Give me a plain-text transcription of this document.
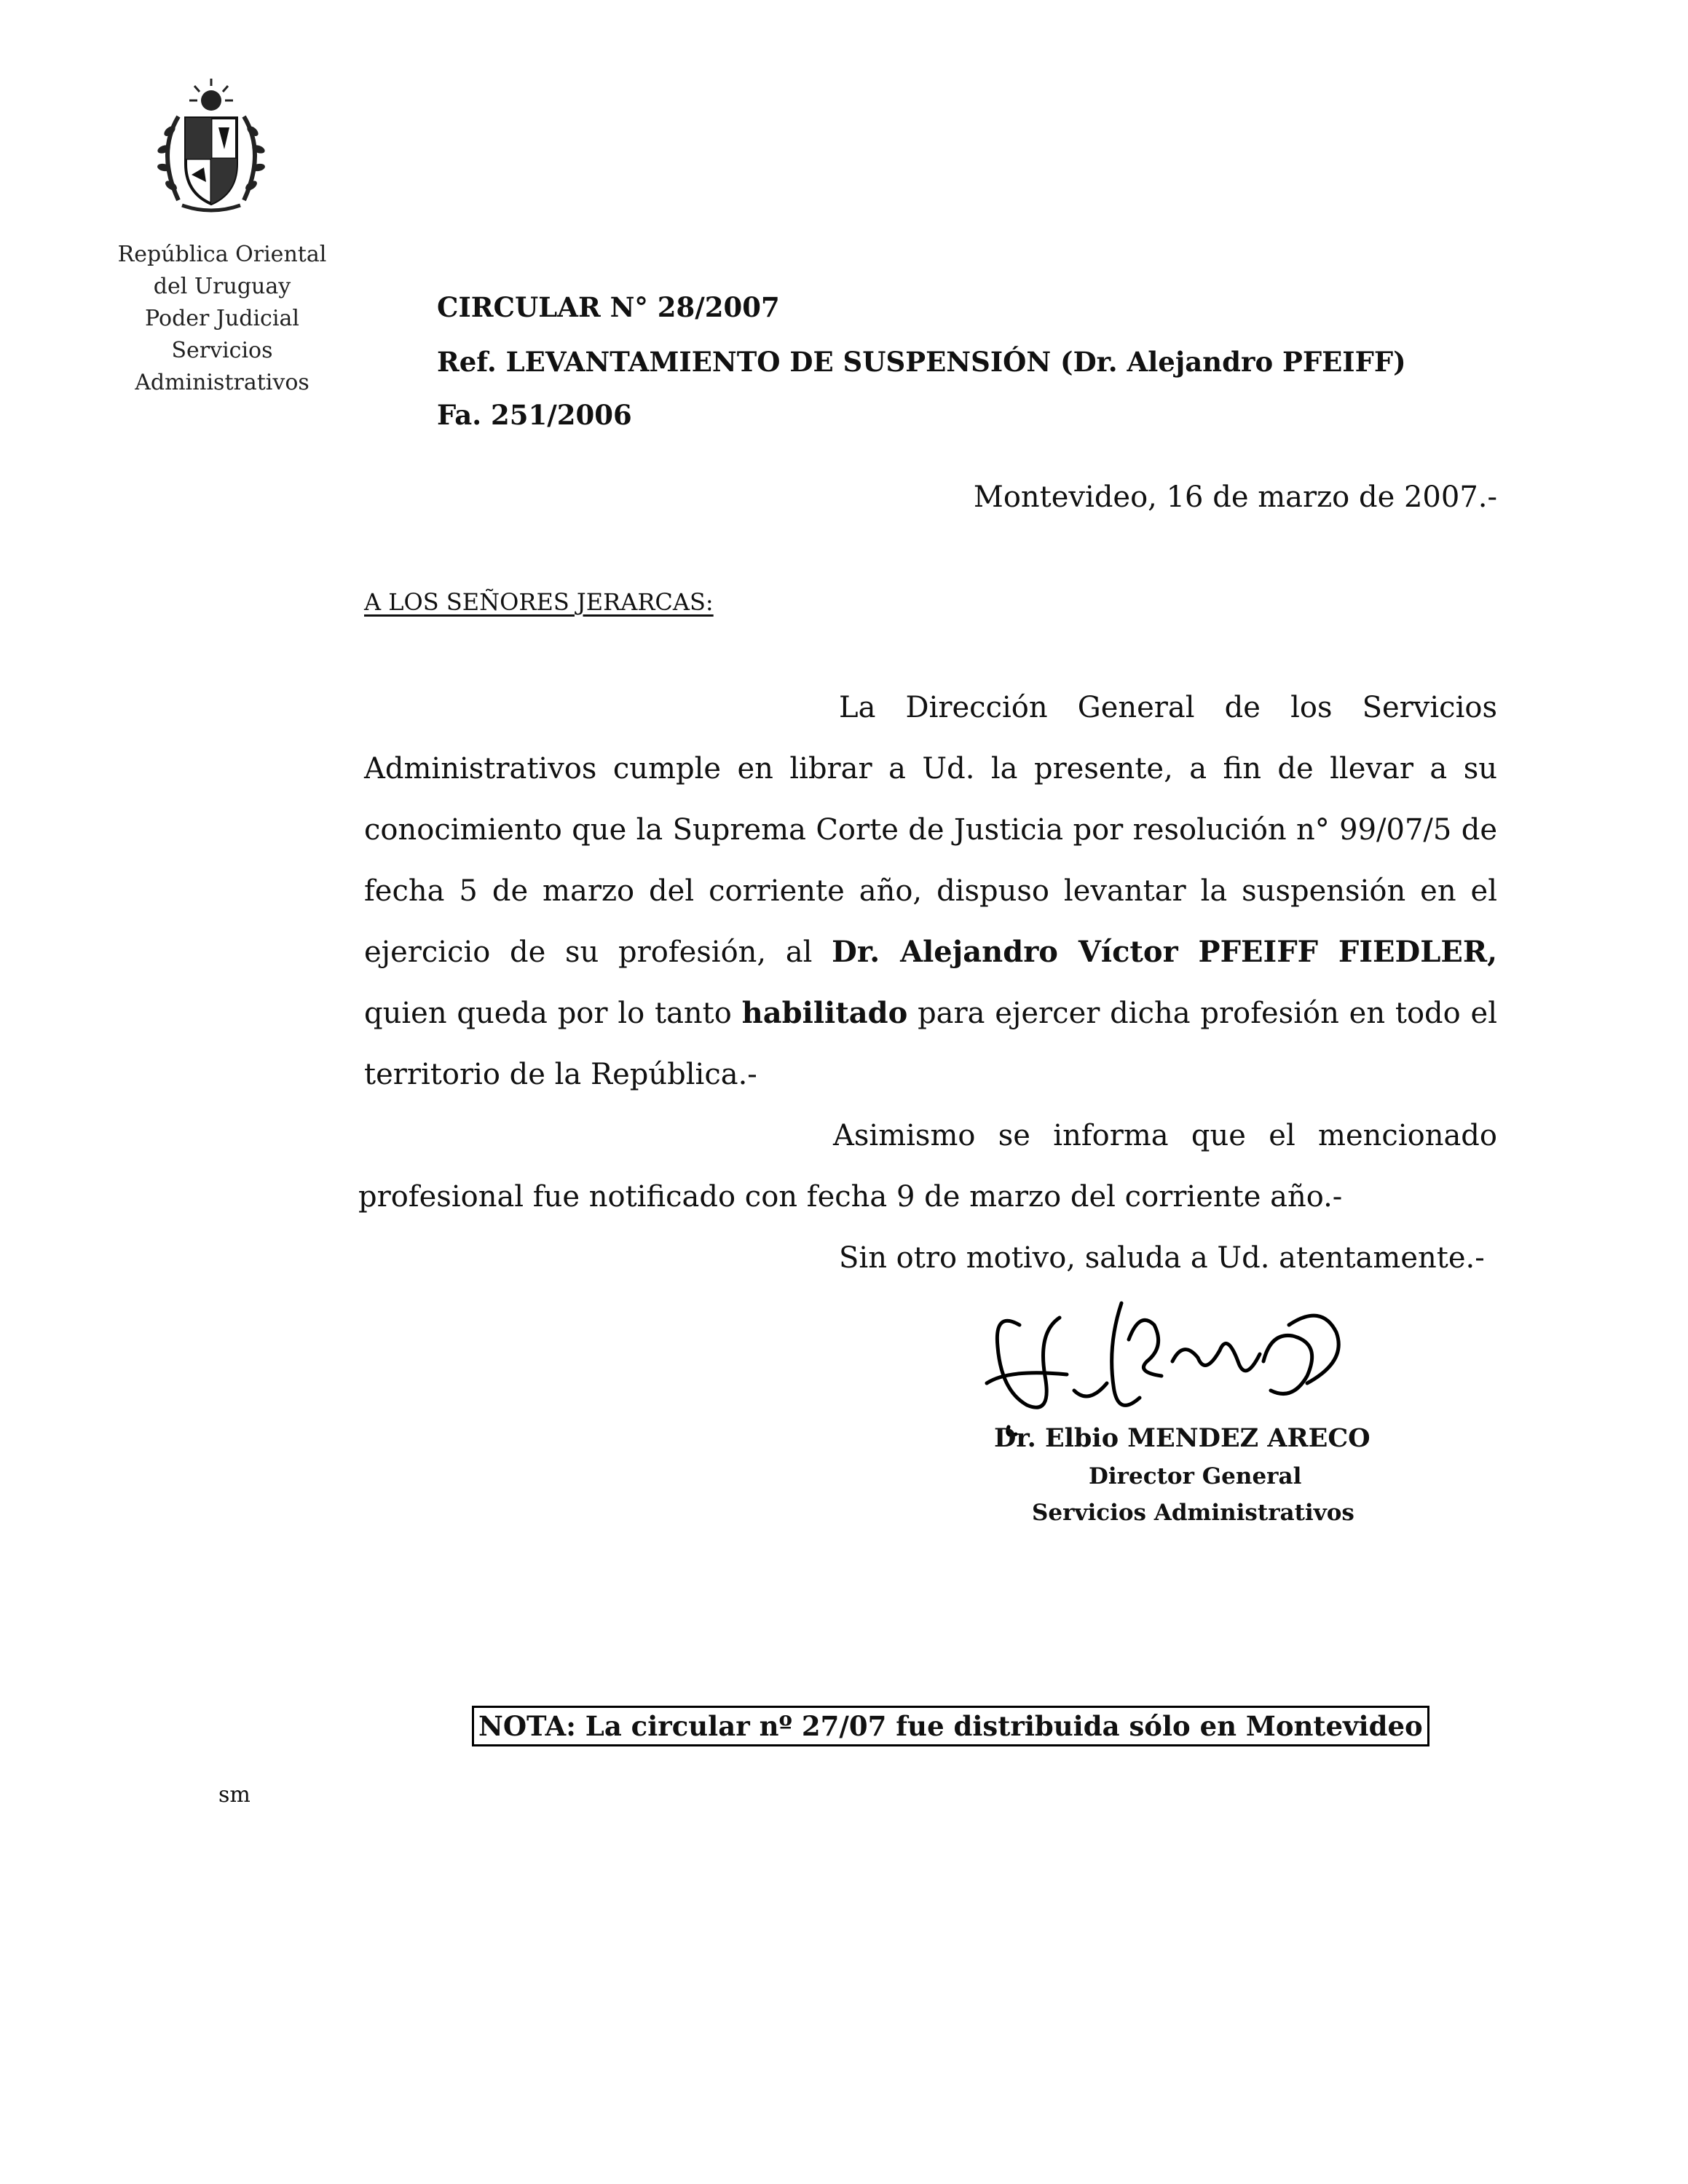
República Oriental
del Uruguay
Poder Judicial
Servicios
Administrativos
CIRCULAR N° 28/2007
Ref. LEVANTAMIENTO DE SUSPENSIÓN (Dr. Alejandro PFEIFF)
Fa. 251/2006
Montevideo, 16 de marzo de 2007.-
A LOS SEÑORES JERARCAS:

La Dirección General de los Servicios Administrativos cumple en librar a Ud. la presente, a fin de llevar a su conocimiento que la Suprema Corte de Justicia por resolución n° 99/07/5 de fecha 5 de marzo del corriente año, dispuso levantar la suspensión en el ejercicio de su profesión, al Dr. Alejandro Víctor PFEIFF FIEDLER, quien queda por lo tanto habilitado para ejercer dicha profesión en todo el territorio de la República.-

Asimismo se informa que el mencionado profesional fue notificado con fecha 9 de marzo del corriente año.-

Sin otro motivo, saluda a Ud. atentamente.-

Dr. Elbio MENDEZ ARECO
Director General
Servicios Administrativos
NOTA: La circular nº 27/07 fue distribuida sólo en Montevideo
sm
